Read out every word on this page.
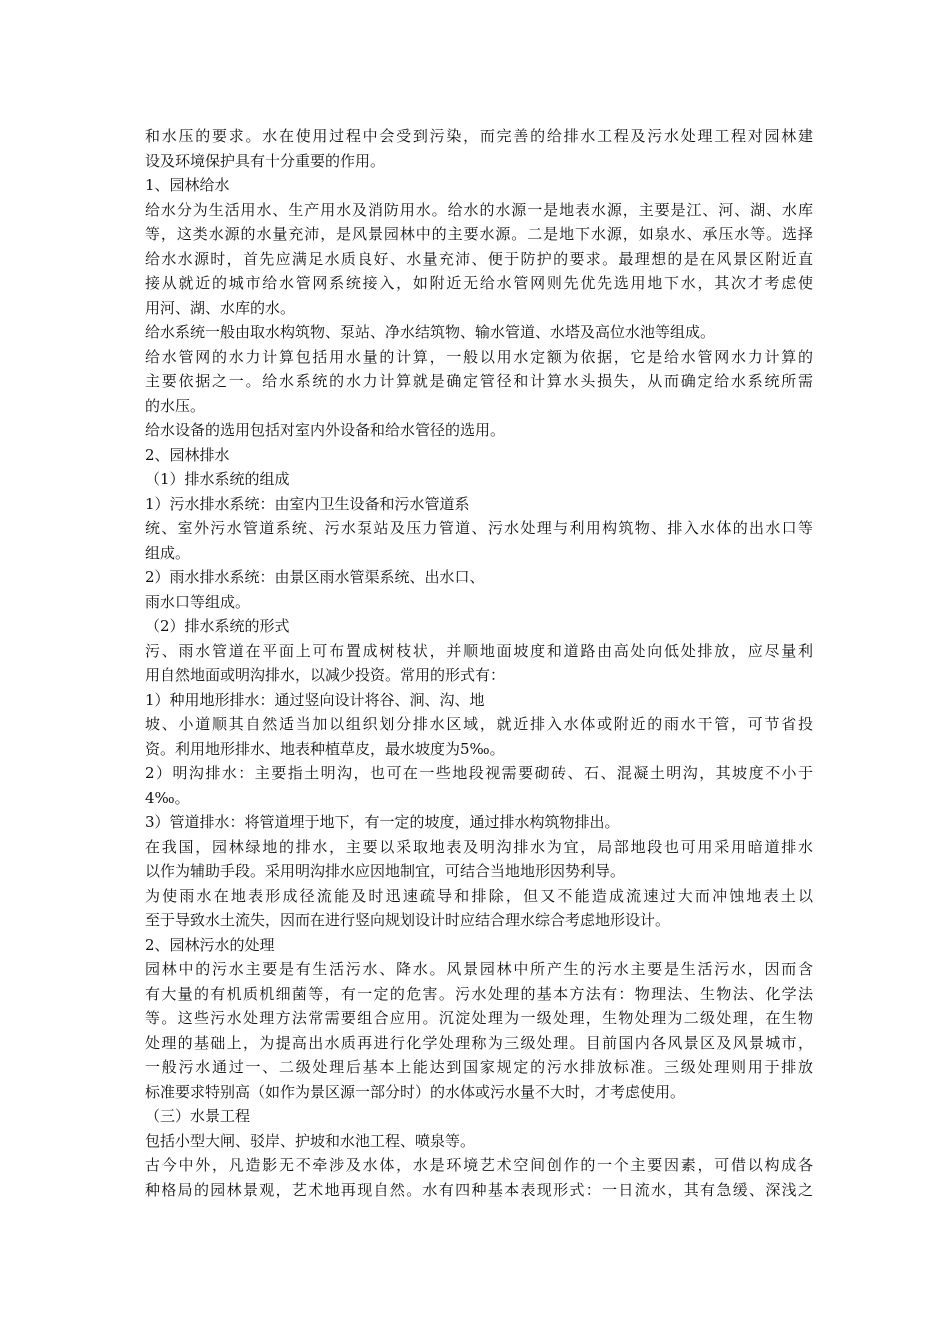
和水压的要求。水在使用过程中会受到污染，而完善的给排水工程及污水处理工程对园林建
设及环境保护具有十分重要的作用。
1、园林给水
给水分为生活用水、生产用水及消防用水。给水的水源一是地表水源，主要是江、河、湖、水库
等，这类水源的水量充沛，是风景园林中的主要水源。二是地下水源，如泉水、承压水等。选择
给水水源时，首先应满足水质良好、水量充沛、便于防护的要求。最理想的是在风景区附近直
接从就近的城市给水管网系统接入，如附近无给水管网则先优先选用地下水，其次才考虑使
用河、湖、水库的水。
给水系统一般由取水构筑物、泵站、净水结筑物、输水管道、水塔及高位水池等组成。
给水管网的水力计算包括用水量的计算，一般以用水定额为依据，它是给水管网水力计算的
主要依据之一。给水系统的水力计算就是确定管径和计算水头损失，从而确定给水系统所需
的水压。
给水设备的选用包括对室内外设备和给水管径的选用。
2、园林排水
（1）排水系统的组成
1）污水排水系统：由室内卫生设备和污水管道系
统、室外污水管道系统、污水泵站及压力管道、污水处理与利用构筑物、排入水体的出水口等
组成。
2）雨水排水系统：由景区雨水管渠系统、出水口、
雨水口等组成。
（2）排水系统的形式
污、雨水管道在平面上可布置成树枝状，并顺地面坡度和道路由高处向低处排放，应尽量利
用自然地面或明沟排水，以减少投资。常用的形式有：
1）种用地形排水：通过竖向设计将谷、涧、沟、地
坡、小道顺其自然适当加以组织划分排水区域，就近排入水体或附近的雨水干管，可节省投
资。利用地形排水、地表种植草皮，最水坡度为5‰。
2）明沟排水：主要指土明沟，也可在一些地段视需要砌砖、石、混凝土明沟，其坡度不小于
4‰。
3）管道排水：将管道埋于地下，有一定的坡度，通过排水构筑物排出。
在我国，园林绿地的排水，主要以采取地表及明沟排水为宜，局部地段也可用采用暗道排水
以作为辅助手段。采用明沟排水应因地制宜，可结合当地地形因势利导。
为使雨水在地表形成径流能及时迅速疏导和排除，但又不能造成流速过大而冲蚀地表土以
至于导致水土流失，因而在进行竖向规划设计时应结合理水综合考虑地形设计。
2、园林污水的处理
园林中的污水主要是有生活污水、降水。风景园林中所产生的污水主要是生活污水，因而含
有大量的有机质机细菌等，有一定的危害。污水处理的基本方法有：物理法、生物法、化学法
等。这些污水处理方法常需要组合应用。沉淀处理为一级处理，生物处理为二级处理，在生物
处理的基础上，为提高出水质再进行化学处理称为三级处理。目前国内各风景区及风景城市，
一般污水通过一、二级处理后基本上能达到国家规定的污水排放标准。三级处理则用于排放
标准要求特别高（如作为景区源一部分时）的水体或污水量不大时，才考虑使用。
（三）水景工程
包括小型大闸、驳岸、护坡和水池工程、喷泉等。
古今中外，凡造影无不牵涉及水体，水是环境艺术空间创作的一个主要因素，可借以构成各
种格局的园林景观，艺术地再现自然。水有四种基本表现形式：一日流水，其有急缓、深浅之
